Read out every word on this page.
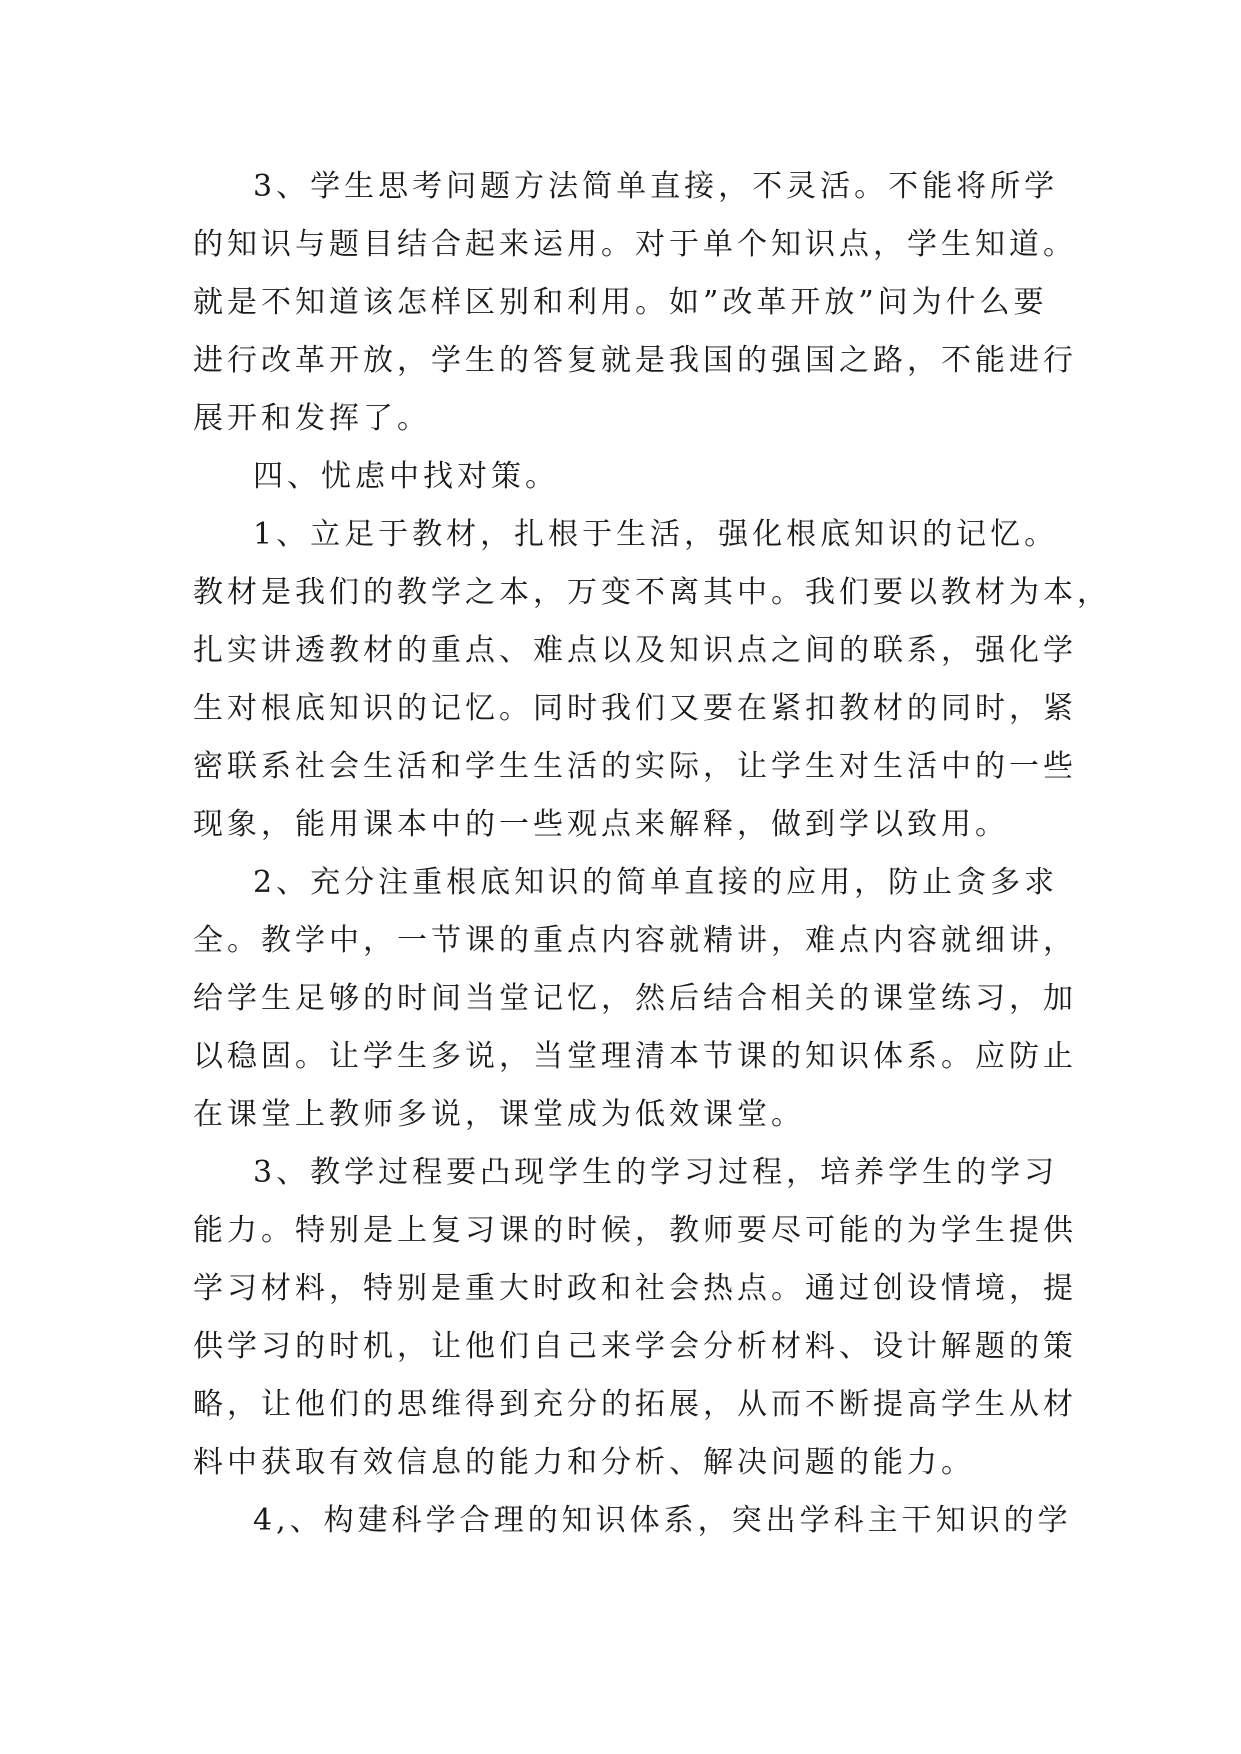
3、学生思考问题方法简单直接，不灵活。不能将所学
的知识与题目结合起来运用。对于单个知识点，学生知道。
就是不知道该怎样区别和利用。如”改革开放”问为什么要
进行改革开放，学生的答复就是我国的强国之路，不能进行
展开和发挥了。
四、忧虑中找对策。
1、立足于教材，扎根于生活，强化根底知识的记忆。
教材是我们的教学之本，万变不离其中。我们要以教材为本，
扎实讲透教材的重点、难点以及知识点之间的联系，强化学
生对根底知识的记忆。同时我们又要在紧扣教材的同时，紧
密联系社会生活和学生生活的实际，让学生对生活中的一些
现象，能用课本中的一些观点来解释，做到学以致用。
2、充分注重根底知识的简单直接的应用，防止贪多求
全。教学中，一节课的重点内容就精讲，难点内容就细讲，
给学生足够的时间当堂记忆，然后结合相关的课堂练习，加
以稳固。让学生多说，当堂理清本节课的知识体系。应防止
在课堂上教师多说，课堂成为低效课堂。
3、教学过程要凸现学生的学习过程，培养学生的学习
能力。特别是上复习课的时候，教师要尽可能的为学生提供
学习材料，特别是重大时政和社会热点。通过创设情境，提
供学习的时机，让他们自己来学会分析材料、设计解题的策
略，让他们的思维得到充分的拓展，从而不断提高学生从材
料中获取有效信息的能力和分析、解决问题的能力。
4,、构建科学合理的知识体系，突出学科主干知识的学
